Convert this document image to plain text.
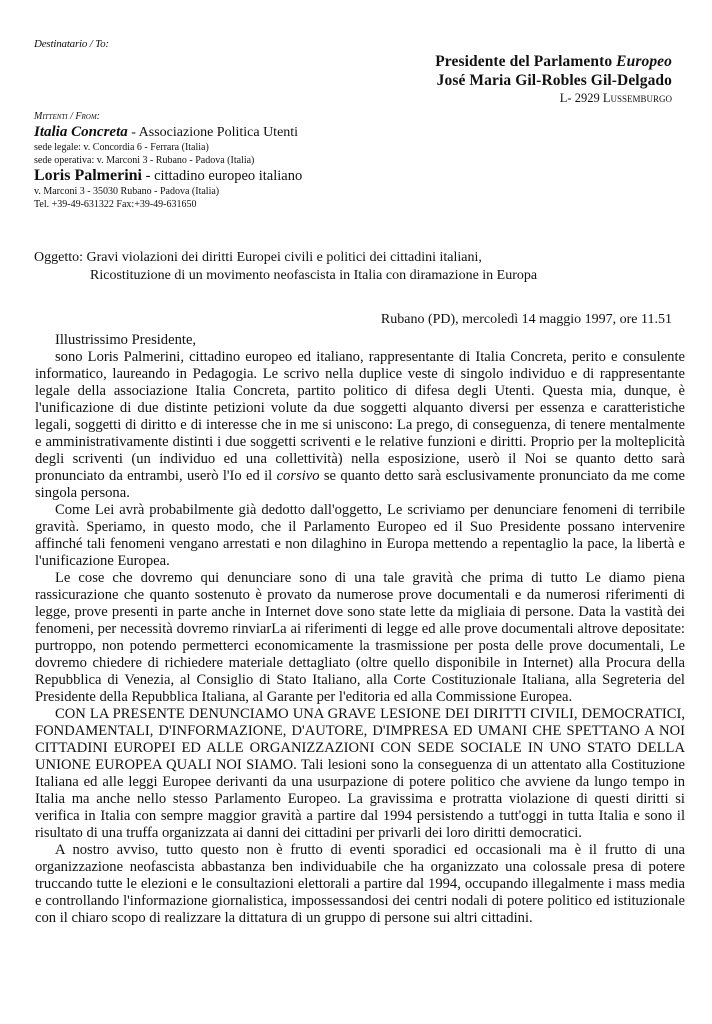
Destinatario / To:
Presidente del Parlamento Europeo
José Maria Gil-Robles Gil-Delgado
L- 2929 Lussemburgo
Mittenti / From:
Italia Concreta - Associazione Politica Utenti
sede legale: v. Concordia 6 - Ferrara (Italia)
sede operativa: v. Marconi 3 - Rubano - Padova (Italia)
Loris Palmerini - cittadino europeo italiano
v. Marconi 3 - 35030 Rubano - Padova (Italia)
Tel. +39-49-631322 Fax:+39-49-631650
Oggetto: Gravi violazioni dei diritti Europei civili e politici dei cittadini italiani,
Ricostituzione di un movimento neofascista in Italia con diramazione in Europa
Rubano (PD), mercoledì 14 maggio 1997, ore 11.51

Illustrissimo Presidente,

sono Loris Palmerini, cittadino europeo ed italiano, rappresentante di Italia Concreta, perito e consulente informatico, laureando in Pedagogia. Le scrivo nella duplice veste di singolo individuo e di rappresentante legale della associazione Italia Concreta, partito politico di difesa degli Utenti. Questa mia, dunque, è l'unificazione di due distinte petizioni volute da due soggetti alquanto diversi per essenza e caratteristiche legali, soggetti di diritto e di interesse che in me si uniscono: La prego, di conseguenza, di tenere mentalmente e amministrativamente distinti i due soggetti scriventi e le relative funzioni e diritti. Proprio per la molteplicità degli scriventi (un individuo ed una collettività) nella esposizione, userò il Noi se quanto detto sarà pronunciato da entrambi, userò l'Io ed il corsivo se quanto detto sarà esclusivamente pronunciato da me come singola persona.

Come Lei avrà probabilmente già dedotto dall'oggetto, Le scriviamo per denunciare fenomeni di terribile gravità. Speriamo, in questo modo, che il Parlamento Europeo ed il Suo Presidente possano intervenire affinché tali fenomeni vengano arrestati e non dilaghino in Europa mettendo a repentaglio la pace, la libertà e l'unificazione Europea.

Le cose che dovremo qui denunciare sono di una tale gravità che prima di tutto Le diamo piena rassicurazione che quanto sostenuto è provato da numerose prove documentali e da numerosi riferimenti di legge, prove presenti in parte anche in Internet dove sono state lette da migliaia di persone. Data la vastità dei fenomeni, per necessità dovremo rinviarLa ai riferimenti di legge ed alle prove documentali altrove depositate: purtroppo, non potendo permetterci economicamente la trasmissione per posta delle prove documentali, Le dovremo chiedere di richiedere materiale dettagliato (oltre quello disponibile in Internet) alla Procura della Repubblica di Venezia, al Consiglio di Stato Italiano, alla Corte Costituzionale Italiana, alla Segreteria del Presidente della Repubblica Italiana, al Garante per l'editoria ed alla Commissione Europea.

CON LA PRESENTE DENUNCIAMO UNA GRAVE LESIONE DEI DIRITTI CIVILI, DEMOCRATICI, FONDAMENTALI, D'INFORMAZIONE, D'AUTORE, D'IMPRESA ED UMANI CHE SPETTANO A NOI CITTADINI EUROPEI ED ALLE ORGANIZZAZIONI CON SEDE SOCIALE IN UNO STATO DELLA UNIONE EUROPEA QUALI NOI SIAMO. Tali lesioni sono la conseguenza di un attentato alla Costituzione Italiana ed alle leggi Europee derivanti da una usurpazione di potere politico che avviene da lungo tempo in Italia ma anche nello stesso Parlamento Europeo. La gravissima e protratta violazione di questi diritti si verifica in Italia con sempre maggior gravità a partire dal 1994 persistendo a tutt'oggi in tutta Italia e sono il risultato di una truffa organizzata ai danni dei cittadini per privarli dei loro diritti democratici.

A nostro avviso, tutto questo non è frutto di eventi sporadici ed occasionali ma è il frutto di una organizzazione neofascista abbastanza ben individuabile che ha organizzato una colossale presa di potere truccando tutte le elezioni e le consultazioni elettorali a partire dal 1994, occupando illegalmente i mass media e controllando l'informazione giornalistica, impossessandosi dei centri nodali di potere politico ed istituzionale con il chiaro scopo di realizzare la dittatura di un gruppo di persone sui altri cittadini.
